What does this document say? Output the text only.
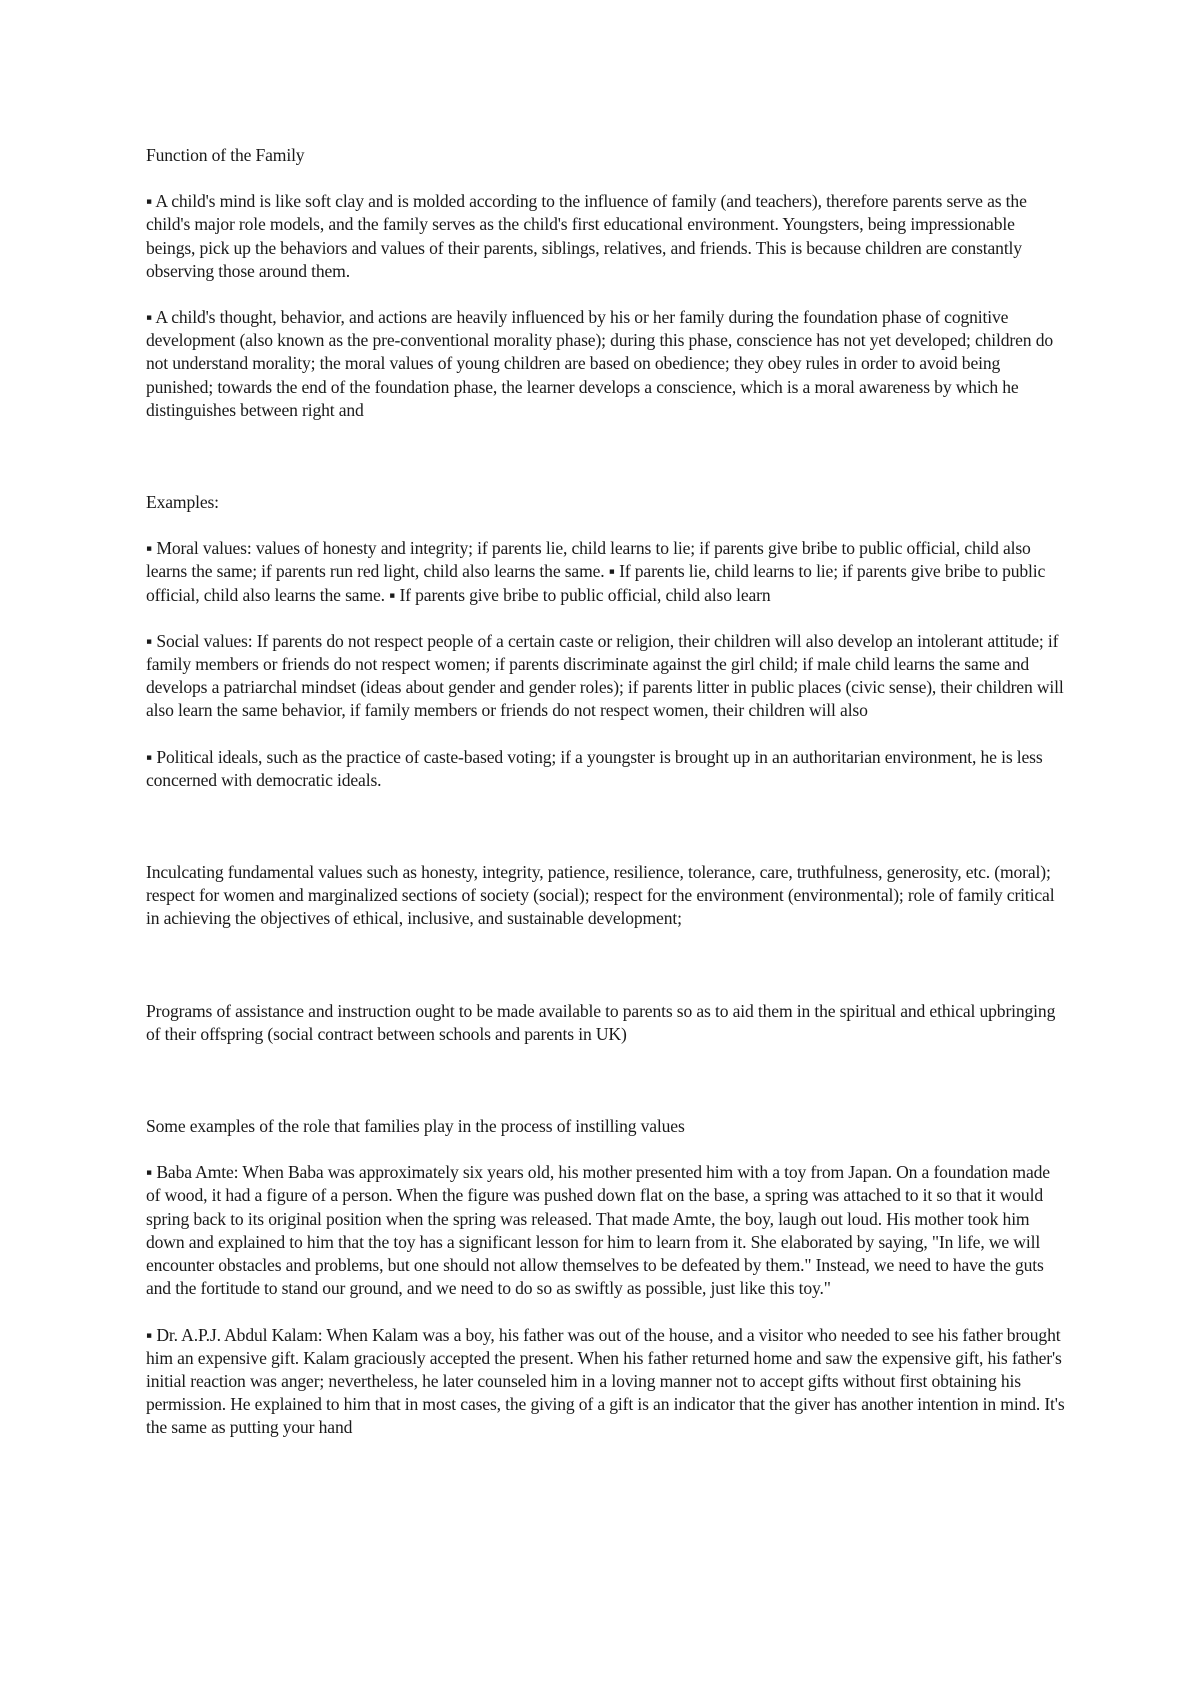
Function of the Family

▪ A child's mind is like soft clay and is molded according to the influence of family (and teachers), therefore parents serve as the child's major role models, and the family serves as the child's first educational environment. Youngsters, being impressionable beings, pick up the behaviors and values of their parents, siblings, relatives, and friends. This is because children are constantly observing those around them.

▪ A child's thought, behavior, and actions are heavily influenced by his or her family during the foundation phase of cognitive development (also known as the pre-conventional morality phase); during this phase, conscience has not yet developed; children do not understand morality; the moral values of young children are based on obedience; they obey rules in order to avoid being punished; towards the end of the foundation phase, the learner develops a conscience, which is a moral awareness by which he distinguishes between right and

Examples:

▪ Moral values: values of honesty and integrity; if parents lie, child learns to lie; if parents give bribe to public official, child also learns the same; if parents run red light, child also learns the same. ▪ If parents lie, child learns to lie; if parents give bribe to public official, child also learns the same. ▪ If parents give bribe to public official, child also learn

▪ Social values: If parents do not respect people of a certain caste or religion, their children will also develop an intolerant attitude; if family members or friends do not respect women; if parents discriminate against the girl child; if male child learns the same and develops a patriarchal mindset (ideas about gender and gender roles); if parents litter in public places (civic sense), their children will also learn the same behavior, if family members or friends do not respect women, their children will also

▪ Political ideals, such as the practice of caste-based voting; if a youngster is brought up in an authoritarian environment, he is less concerned with democratic ideals.

Inculcating fundamental values such as honesty, integrity, patience, resilience, tolerance, care, truthfulness, generosity, etc. (moral); respect for women and marginalized sections of society (social); respect for the environment (environmental); role of family critical in achieving the objectives of ethical, inclusive, and sustainable development;

Programs of assistance and instruction ought to be made available to parents so as to aid them in the spiritual and ethical upbringing of their offspring (social contract between schools and parents in UK)

Some examples of the role that families play in the process of instilling values

▪ Baba Amte: When Baba was approximately six years old, his mother presented him with a toy from Japan. On a foundation made of wood, it had a figure of a person. When the figure was pushed down flat on the base, a spring was attached to it so that it would spring back to its original position when the spring was released. That made Amte, the boy, laugh out loud. His mother took him down and explained to him that the toy has a significant lesson for him to learn from it. She elaborated by saying, "In life, we will encounter obstacles and problems, but one should not allow themselves to be defeated by them." Instead, we need to have the guts and the fortitude to stand our ground, and we need to do so as swiftly as possible, just like this toy."

▪ Dr. A.P.J. Abdul Kalam: When Kalam was a boy, his father was out of the house, and a visitor who needed to see his father brought him an expensive gift. Kalam graciously accepted the present. When his father returned home and saw the expensive gift, his father's initial reaction was anger; nevertheless, he later counseled him in a loving manner not to accept gifts without first obtaining his permission. He explained to him that in most cases, the giving of a gift is an indicator that the giver has another intention in mind. It's the same as putting your hand
